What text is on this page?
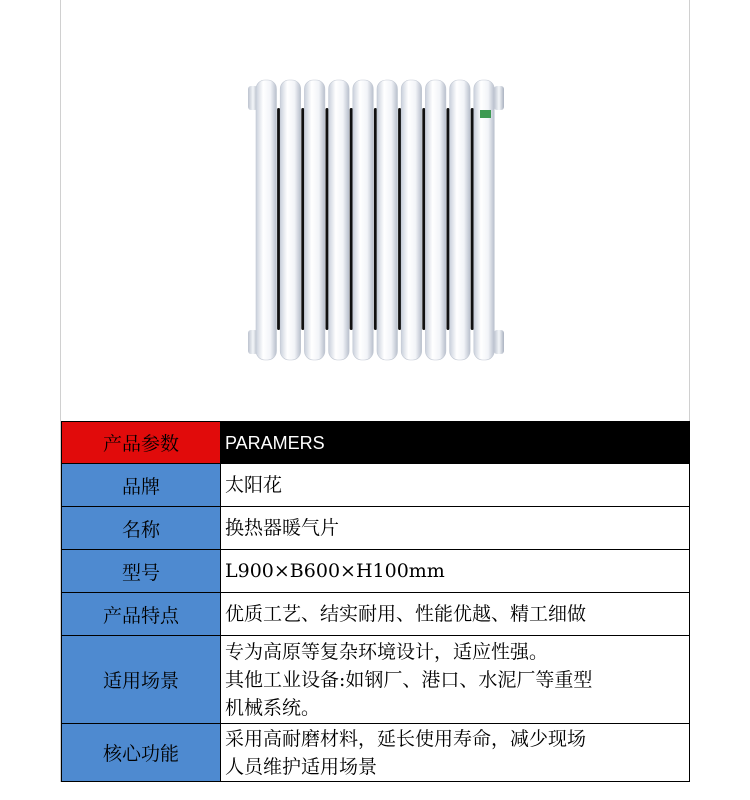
产品参数	PARAMERS
品牌	太阳花
名称	换热器暖气片
型号	L900×B600×H100mm
产品特点	优质工艺、结实耐用、性能优越、精工细做
适用场景	专为高原等复杂环境设计，适应性强。
其他工业设备:如钢厂、港口、水泥厂等重型
机械系统。

核心功能	采用高耐磨材料，延长使用寿命，减少现场
人员维护适用场景
